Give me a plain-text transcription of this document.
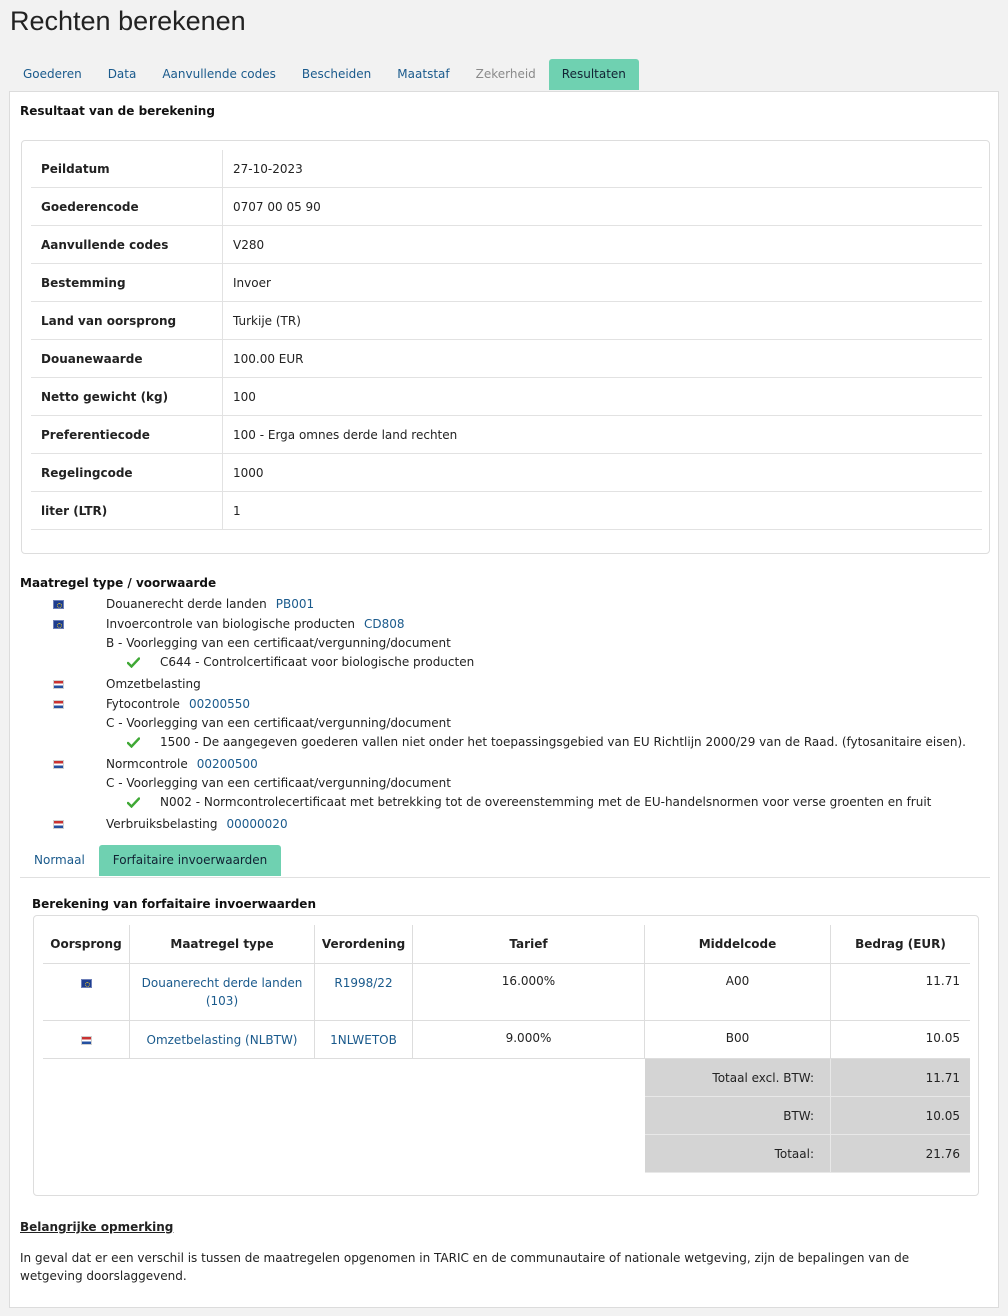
Rechten berekenen
Goederen	Data	Aanvullende codes	Bescheiden	Maatstaf	Zekerheid	Resultaten
Resultaat van de berekening
Peildatum	27-10-2023
Goederencode	0707 00 05 90
Aanvullende codes	V280
Bestemming	Invoer
Land van oorsprong	Turkije (TR)
Douanewaarde	100.00 EUR
Netto gewicht (kg)	100
Preferentiecode	100 - Erga omnes derde land rechten
Regelingcode	1000
liter (LTR)	1
Maatregel type / voorwaarde
Douanerecht derde landen PB001
Invoercontrole van biologische producten CD808
B - Voorlegging van een certificaat/vergunning/document
C644 - Controlcertificaat voor biologische producten
Omzetbelasting
Fytocontrole 00200550
C - Voorlegging van een certificaat/vergunning/document
1500 - De aangegeven goederen vallen niet onder het toepassingsgebied van EU Richtlijn 2000/29 van de Raad. (fytosanitaire eisen).
Normcontrole 00200500
C - Voorlegging van een certificaat/vergunning/document
N002 - Normcontrolecertificaat met betrekking tot de overeenstemming met de EU-handelsnormen voor verse groenten en fruit
Verbruiksbelasting 00000020
Normaal	Forfaitaire invoerwaarden
Berekening van forfaitaire invoerwaarden
Oorsprong	Maatregel type	Verordening	Tarief	Middelcode	Bedrag (EUR)

	Douanerecht derde landen (103)	R1998/22	16.000%	A00	11.71

	Omzetbelasting (NLBTW)	1NLWETOB	9.000%	B00	10.05
				Totaal excl. BTW:	11.71
				BTW:	10.05
				Totaal:	21.76
Belangrijke opmerking
In geval dat er een verschil is tussen de maatregelen opgenomen in TARIC en de communautaire of nationale wetgeving, zijn de bepalingen van de wetgeving doorslaggevend.
